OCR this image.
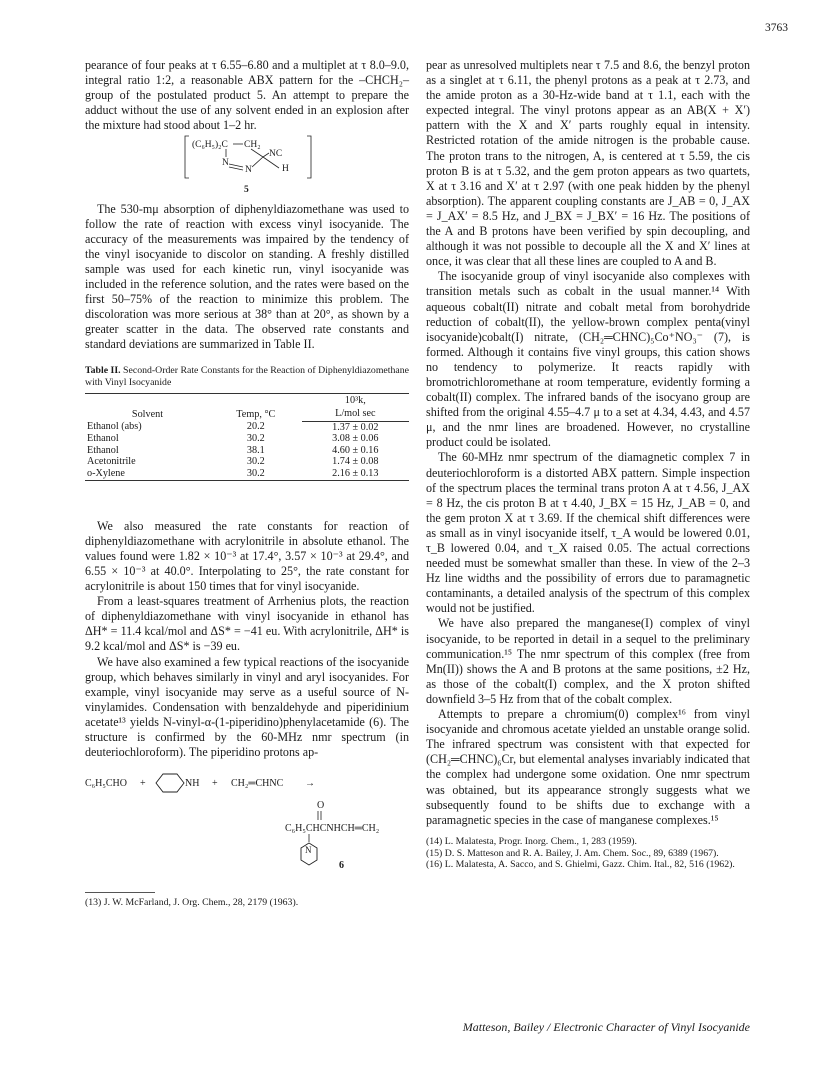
3763

pearance of four peaks at τ 6.55–6.80 and a multiplet at τ 8.0–9.0, integral ratio 1:2, a reasonable ABX pattern for the –CHCH₂– group of the postulated product 5. An attempt to prepare the adduct without the use of any solvent ended in an explosion after the mixture had stood about 1–2 hr.

(C₆H₅)₂C CH₂
NC
N
N	H
5

The 530-mμ absorption of diphenyldiazomethane was used to follow the rate of reaction with excess vinyl isocyanide. The accuracy of the measurements was impaired by the tendency of the vinyl isocyanide to discolor on standing. A freshly distilled sample was used for each kinetic run, vinyl isocyanide was included in the reference solution, and the rates were based on the first 50–75% of the reaction to minimize this problem. The discoloration was more serious at 38° than at 20°, as shown by a greater scatter in the data. The observed rate constants and standard deviations are summarized in Table II.

Table II. Second-Order Rate Constants for the Reaction of Diphenyldiazomethane with Vinyl Isocyanide
Solvent	Temp, °C	10³k,
		L/mol sec
Ethanol (abs)	20.2	1.37 ± 0.02
Ethanol	30.2	3.08 ± 0.06
Ethanol	38.1	4.60 ± 0.16
Acetonitrile	30.2	1.74 ± 0.08
o-Xylene	30.2	2.16 ± 0.13

We also measured the rate constants for reaction of diphenyldiazomethane with acrylonitrile in absolute ethanol. The values found were 1.82 × 10⁻³ at 17.4°, 3.57 × 10⁻³ at 29.4°, and 6.55 × 10⁻³ at 40.0°. Interpolating to 25°, the rate constant for acrylonitrile is about 150 times that for vinyl isocyanide.

From a least-squares treatment of Arrhenius plots, the reaction of diphenyldiazomethane with vinyl isocyanide in ethanol has ΔH* = 11.4 kcal/mol and ΔS* = −41 eu. With acrylonitrile, ΔH* is 9.2 kcal/mol and ΔS* is −39 eu.

We have also examined a few typical reactions of the isocyanide group, which behaves similarly in vinyl and aryl isocyanides. For example, vinyl isocyanide may serve as a useful source of N-vinylamides. Condensation with benzaldehyde and piperidinium acetate¹³ yields N-vinyl-α-(1-piperidino)phenylacetamide (6). The structure is confirmed by the 60-MHz nmr spectrum (in deuteriochloroform). The piperidino protons ap-

C₆H₅CHO +	NH + CH₂═CHNC →
O
C₆H₅CHCNHCH═CH₂
N
6

(13) J. W. McFarland, J. Org. Chem., 28, 2179 (1963).

pear as unresolved multiplets near τ 7.5 and 8.6, the benzyl proton as a singlet at τ 6.11, the phenyl protons as a peak at τ 2.73, and the amide proton as a 30-Hz-wide band at τ 1.1, each with the expected integral. The vinyl protons appear as an AB(X + X′) pattern with the X and X′ parts roughly equal in intensity. Restricted rotation of the amide nitrogen is the probable cause. The proton trans to the nitrogen, A, is centered at τ 5.59, the cis proton B is at τ 5.32, and the gem proton appears as two quartets, X at τ 3.16 and X′ at τ 2.97 (with one peak hidden by the phenyl absorption). The apparent coupling constants are J_AB = 0, J_AX = J_AX′ = 8.5 Hz, and J_BX = J_BX′ = 16 Hz. The positions of the A and B protons have been verified by spin decoupling, and although it was not possible to decouple all the X and X′ lines at once, it was clear that all these lines are coupled to A and B.

The isocyanide group of vinyl isocyanide also complexes with transition metals such as cobalt in the usual manner.¹⁴ With aqueous cobalt(II) nitrate and cobalt metal from borohydride reduction of cobalt(II), the yellow-brown complex penta(vinyl isocyanide)cobalt(I) nitrate, (CH₂═CHNC)₅Co⁺NO₃⁻ (7), is formed. Although it contains five vinyl groups, this cation shows no tendency to polymerize. It reacts rapidly with bromotrichloromethane at room temperature, evidently forming a cobalt(II) complex. The infrared bands of the isocyano group are shifted from the original 4.55–4.7 μ to a set at 4.34, 4.43, and 4.57 μ, and the nmr lines are broadened. However, no crystalline product could be isolated.

The 60-MHz nmr spectrum of the diamagnetic complex 7 in deuteriochloroform is a distorted ABX pattern. Simple inspection of the spectrum places the terminal trans proton A at τ 4.56, J_AX = 8 Hz, the cis proton B at τ 4.40, J_BX = 15 Hz, J_AB = 0, and the gem proton X at τ 3.69. If the chemical shift differences were as small as in vinyl isocyanide itself, τ_A would be lowered 0.01, τ_B lowered 0.04, and τ_X raised 0.05. The actual corrections needed must be somewhat smaller than these. In view of the 2–3 Hz line widths and the possibility of errors due to paramagnetic contaminants, a detailed analysis of the spectrum of this complex would not be justified.

We have also prepared the manganese(I) complex of vinyl isocyanide, to be reported in detail in a sequel to the preliminary communication.¹⁵ The nmr spectrum of this complex (free from Mn(II)) shows the A and B protons at the same positions, ±2 Hz, as those of the cobalt(I) complex, and the X proton shifted downfield 3–5 Hz from that of the cobalt complex.

Attempts to prepare a chromium(0) complex¹⁶ from vinyl isocyanide and chromous acetate yielded an unstable orange solid. The infrared spectrum was consistent with that expected for (CH₂═CHNC)₆Cr, but elemental analyses invariably indicated that the complex had undergone some oxidation. One nmr spectrum was obtained, but its appearance strongly suggests what we subsequently found to be shifts due to exchange with a paramagnetic species in the case of manganese complexes.¹⁵

(14) L. Malatesta, Progr. Inorg. Chem., 1, 283 (1959).

(15) D. S. Matteson and R. A. Bailey, J. Am. Chem. Soc., 89, 6389 (1967).

(16) L. Malatesta, A. Sacco, and S. Ghielmi, Gazz. Chim. Ital., 82, 516 (1962).

Matteson, Bailey / Electronic Character of Vinyl Isocyanide
